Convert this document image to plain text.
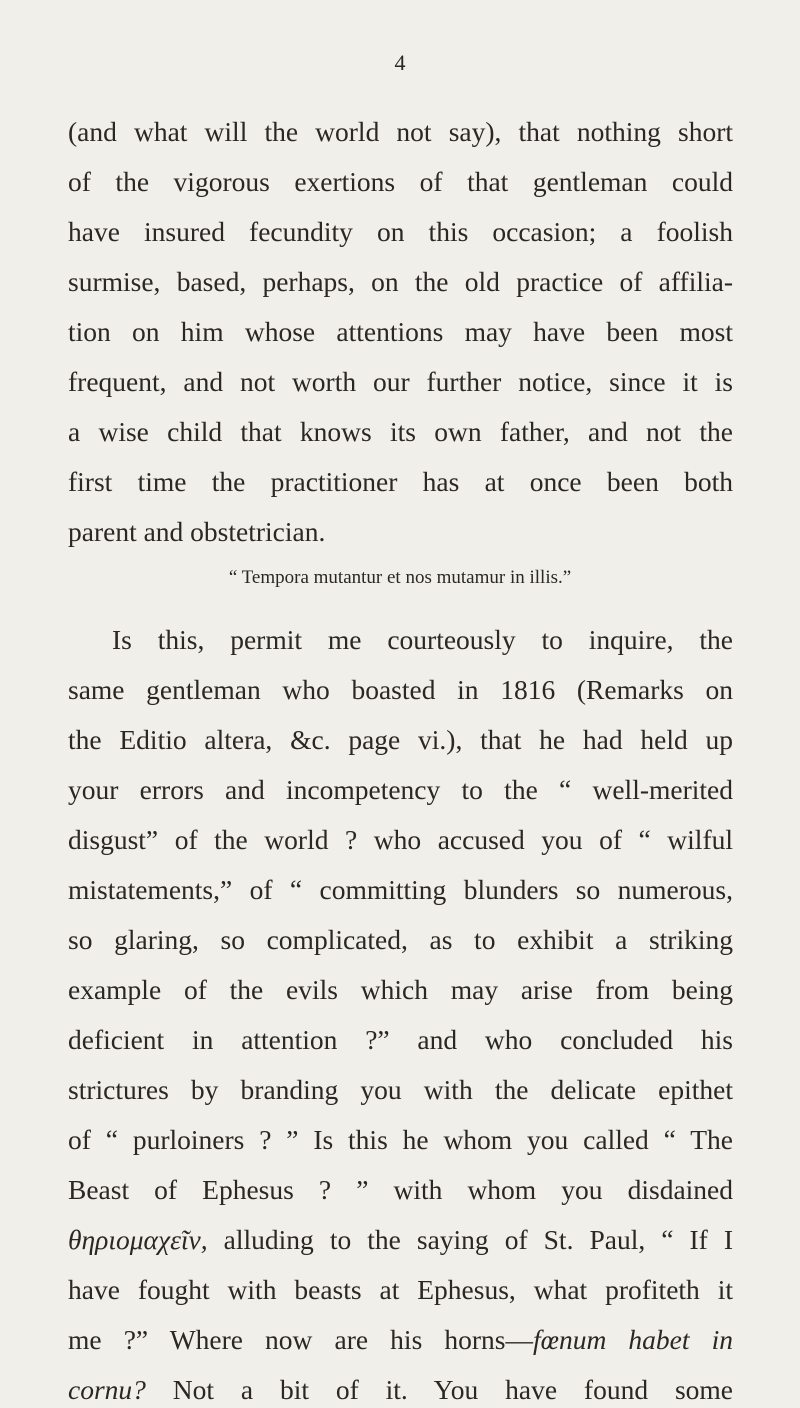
4
(and what will the world not say), that nothing short
of the vigorous exertions of that gentleman could
have insured fecundity on this occasion; a foolish
surmise, based, perhaps, on the old practice of affilia-
tion on him whose attentions may have been most
frequent, and not worth our further notice, since it is
a wise child that knows its own father, and not the
first time the practitioner has at once been both
parent and obstetrician.
“ Tempora mutantur et nos mutamur in illis.”
Is this, permit me courteously to inquire, the
same gentleman who boasted in 1816 (Remarks on
the Editio altera, &c. page vi.), that he had held up
your errors and incompetency to the “ well-merited
disgust” of the world ? who accused you of “ wilful
mistatements,” of “ committing blunders so numerous,
so glaring, so complicated, as to exhibit a striking
example of the evils which may arise from being
deficient in attention ?” and who concluded his
strictures by branding you with the delicate epithet
of “ purloiners ? ” Is this he whom you called “ The
Beast of Ephesus ? ” with whom you disdained
θηριομαχεῖν, alluding to the saying of St. Paul, “ If I
have fought with beasts at Ephesus, what profiteth it
me ?” Where now are his horns—fœnum habet in
cornu? Not a bit of it. You have found some
